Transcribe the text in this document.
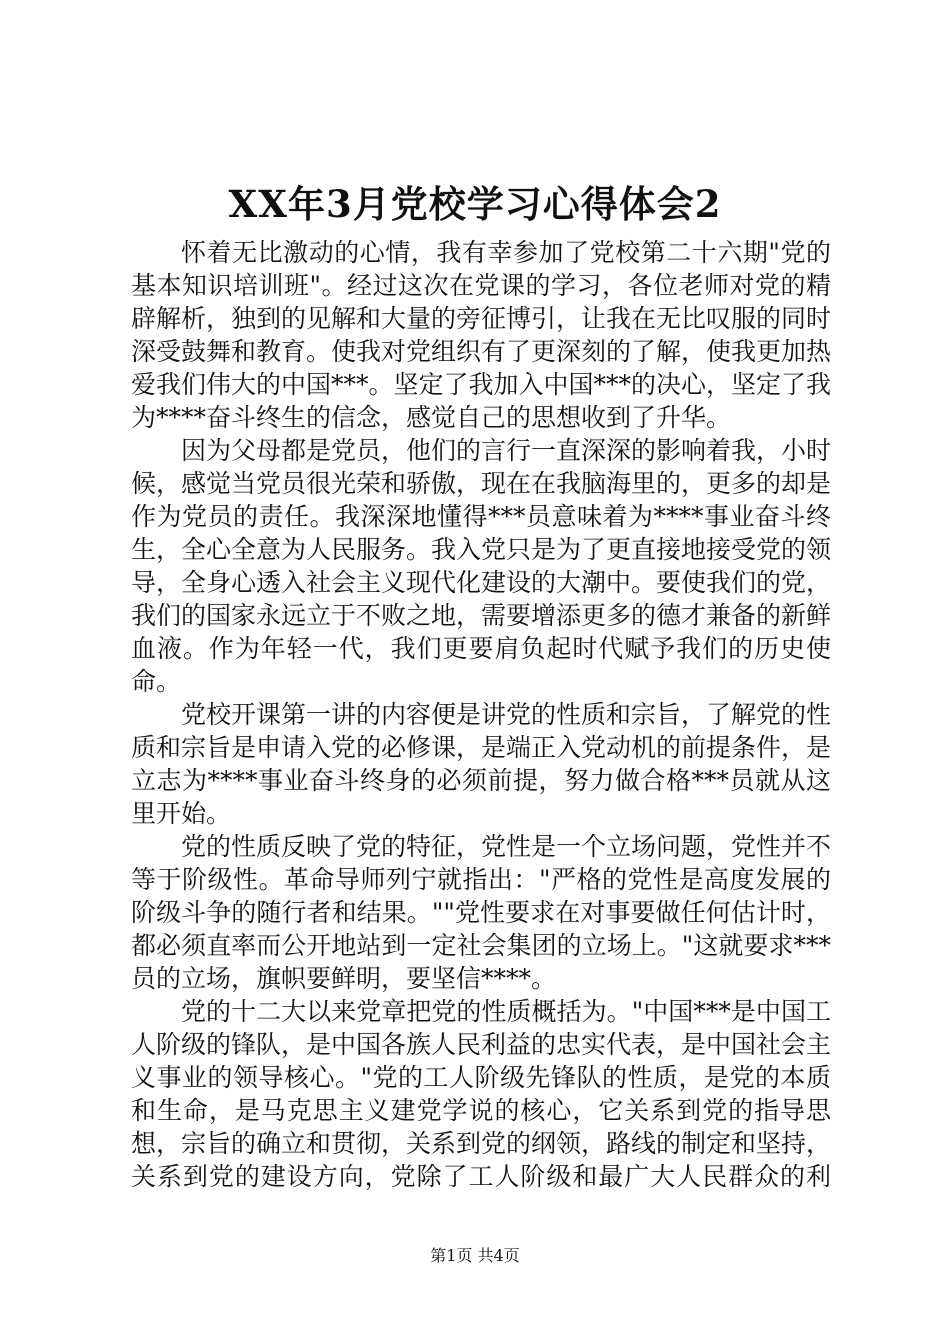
XX年3月党校学习心得体会2

怀着无比激动的心情，我有幸参加了党校第二十六期"党的基本知识培训班"。经过这次在党课的学习，各位老师对党的精辟解析，独到的见解和大量的旁征博引，让我在无比叹服的同时深受鼓舞和教育。使我对党组织有了更深刻的了解，使我更加热爱我们伟大的中国***。坚定了我加入中国***的决心，坚定了我为****奋斗终生的信念，感觉自己的思想收到了升华。

因为父母都是党员，他们的言行一直深深的影响着我，小时候，感觉当党员很光荣和骄傲，现在在我脑海里的，更多的却是作为党员的责任。我深深地懂得***员意味着为****事业奋斗终生，全心全意为人民服务。我入党只是为了更直接地接受党的领导，全身心透入社会主义现代化建设的大潮中。要使我们的党，我们的国家永远立于不败之地，需要增添更多的德才兼备的新鲜血液。作为年轻一代，我们更要肩负起时代赋予我们的历史使命。

党校开课第一讲的内容便是讲党的性质和宗旨，了解党的性质和宗旨是申请入党的必修课，是端正入党动机的前提条件，是立志为****事业奋斗终身的必须前提，努力做合格***员就从这里开始。

党的性质反映了党的特征，党性是一个立场问题，党性并不等于阶级性。革命导师列宁就指出："严格的党性是高度发展的阶级斗争的随行者和结果。""党性要求在对事要做任何估计时，都必须直率而公开地站到一定社会集团的立场上。"这就要求***员的立场，旗帜要鲜明，要坚信****。

党的十二大以来党章把党的性质概括为。"中国***是中国工人阶级的锋队，是中国各族人民利益的忠实代表，是中国社会主义事业的领导核心。"党的工人阶级先锋队的性质，是党的本质和生命，是马克思主义建党学说的核心，它关系到党的指导思想，宗旨的确立和贯彻，关系到党的纲领，路线的制定和坚持，关系到党的建设方向，党除了工人阶级和最广大人民群众的利

第1页 共4页
